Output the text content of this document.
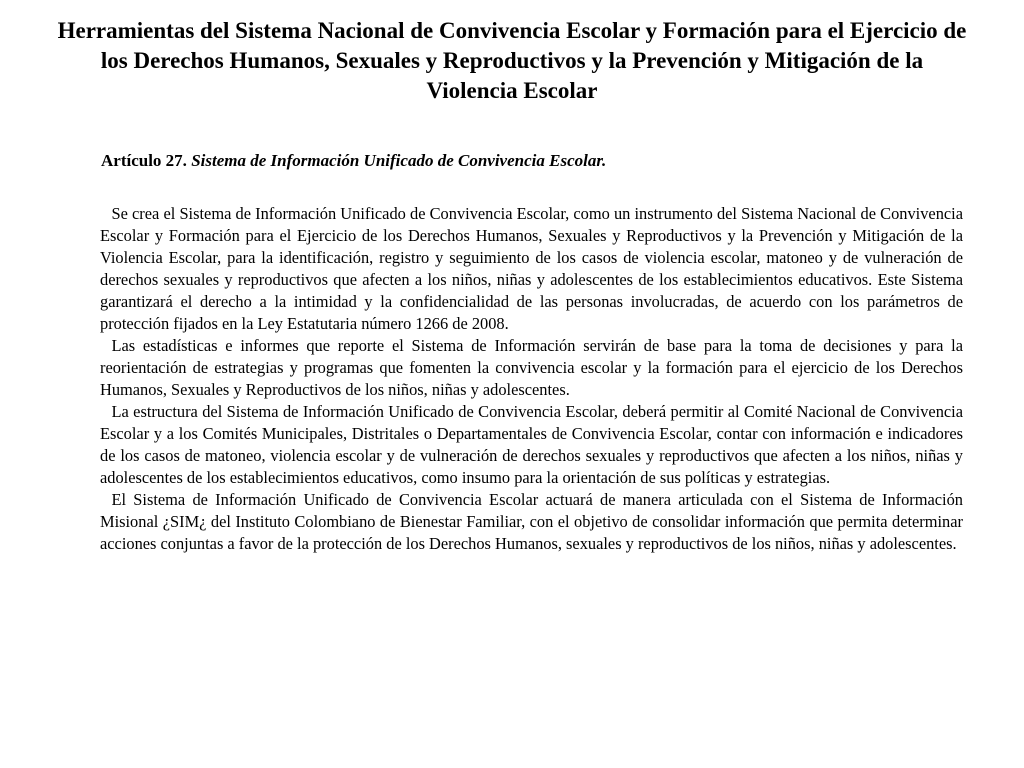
Herramientas del Sistema Nacional de Convivencia Escolar y Formación para el Ejercicio de los Derechos Humanos, Sexuales y Reproductivos y la Prevención y Mitigación de la Violencia Escolar

Artículo 27. Sistema de Información Unificado de Convivencia Escolar.

Se crea el Sistema de Información Unificado de Convivencia Escolar, como un instrumento del Sistema Nacional de Convivencia Escolar y Formación para el Ejercicio de los Derechos Humanos, Sexuales y Reproductivos y la Prevención y Mitigación de la Violencia Escolar, para la identificación, registro y seguimiento de los casos de violencia escolar, matoneo y de vulneración de derechos sexuales y reproductivos que afecten a los niños, niñas y adolescentes de los establecimientos educativos. Este Sistema garantizará el derecho a la intimidad y la confidencialidad de las personas involucradas, de acuerdo con los parámetros de protección fijados en la Ley Estatutaria número 1266 de 2008.

Las estadísticas e informes que reporte el Sistema de Información servirán de base para la toma de decisiones y para la reorientación de estrategias y programas que fomenten la convivencia escolar y la formación para el ejercicio de los Derechos Humanos, Sexuales y Reproductivos de los niños, niñas y adolescentes.

La estructura del Sistema de Información Unificado de Convivencia Escolar, deberá permitir al Comité Nacional de Convivencia Escolar y a los Comités Municipales, Distritales o Departamentales de Convivencia Escolar, contar con información e indicadores de los casos de matoneo, violencia escolar y de vulneración de derechos sexuales y reproductivos que afecten a los niños, niñas y adolescentes de los establecimientos educativos, como insumo para la orientación de sus políticas y estrategias.

El Sistema de Información Unificado de Convivencia Escolar actuará de manera articulada con el Sistema de Información Misional ¿SIM¿ del Instituto Colombiano de Bienestar Familiar, con el objetivo de consolidar información que permita determinar acciones conjuntas a favor de la protección de los Derechos Humanos, sexuales y reproductivos de los niños, niñas y adolescentes.
